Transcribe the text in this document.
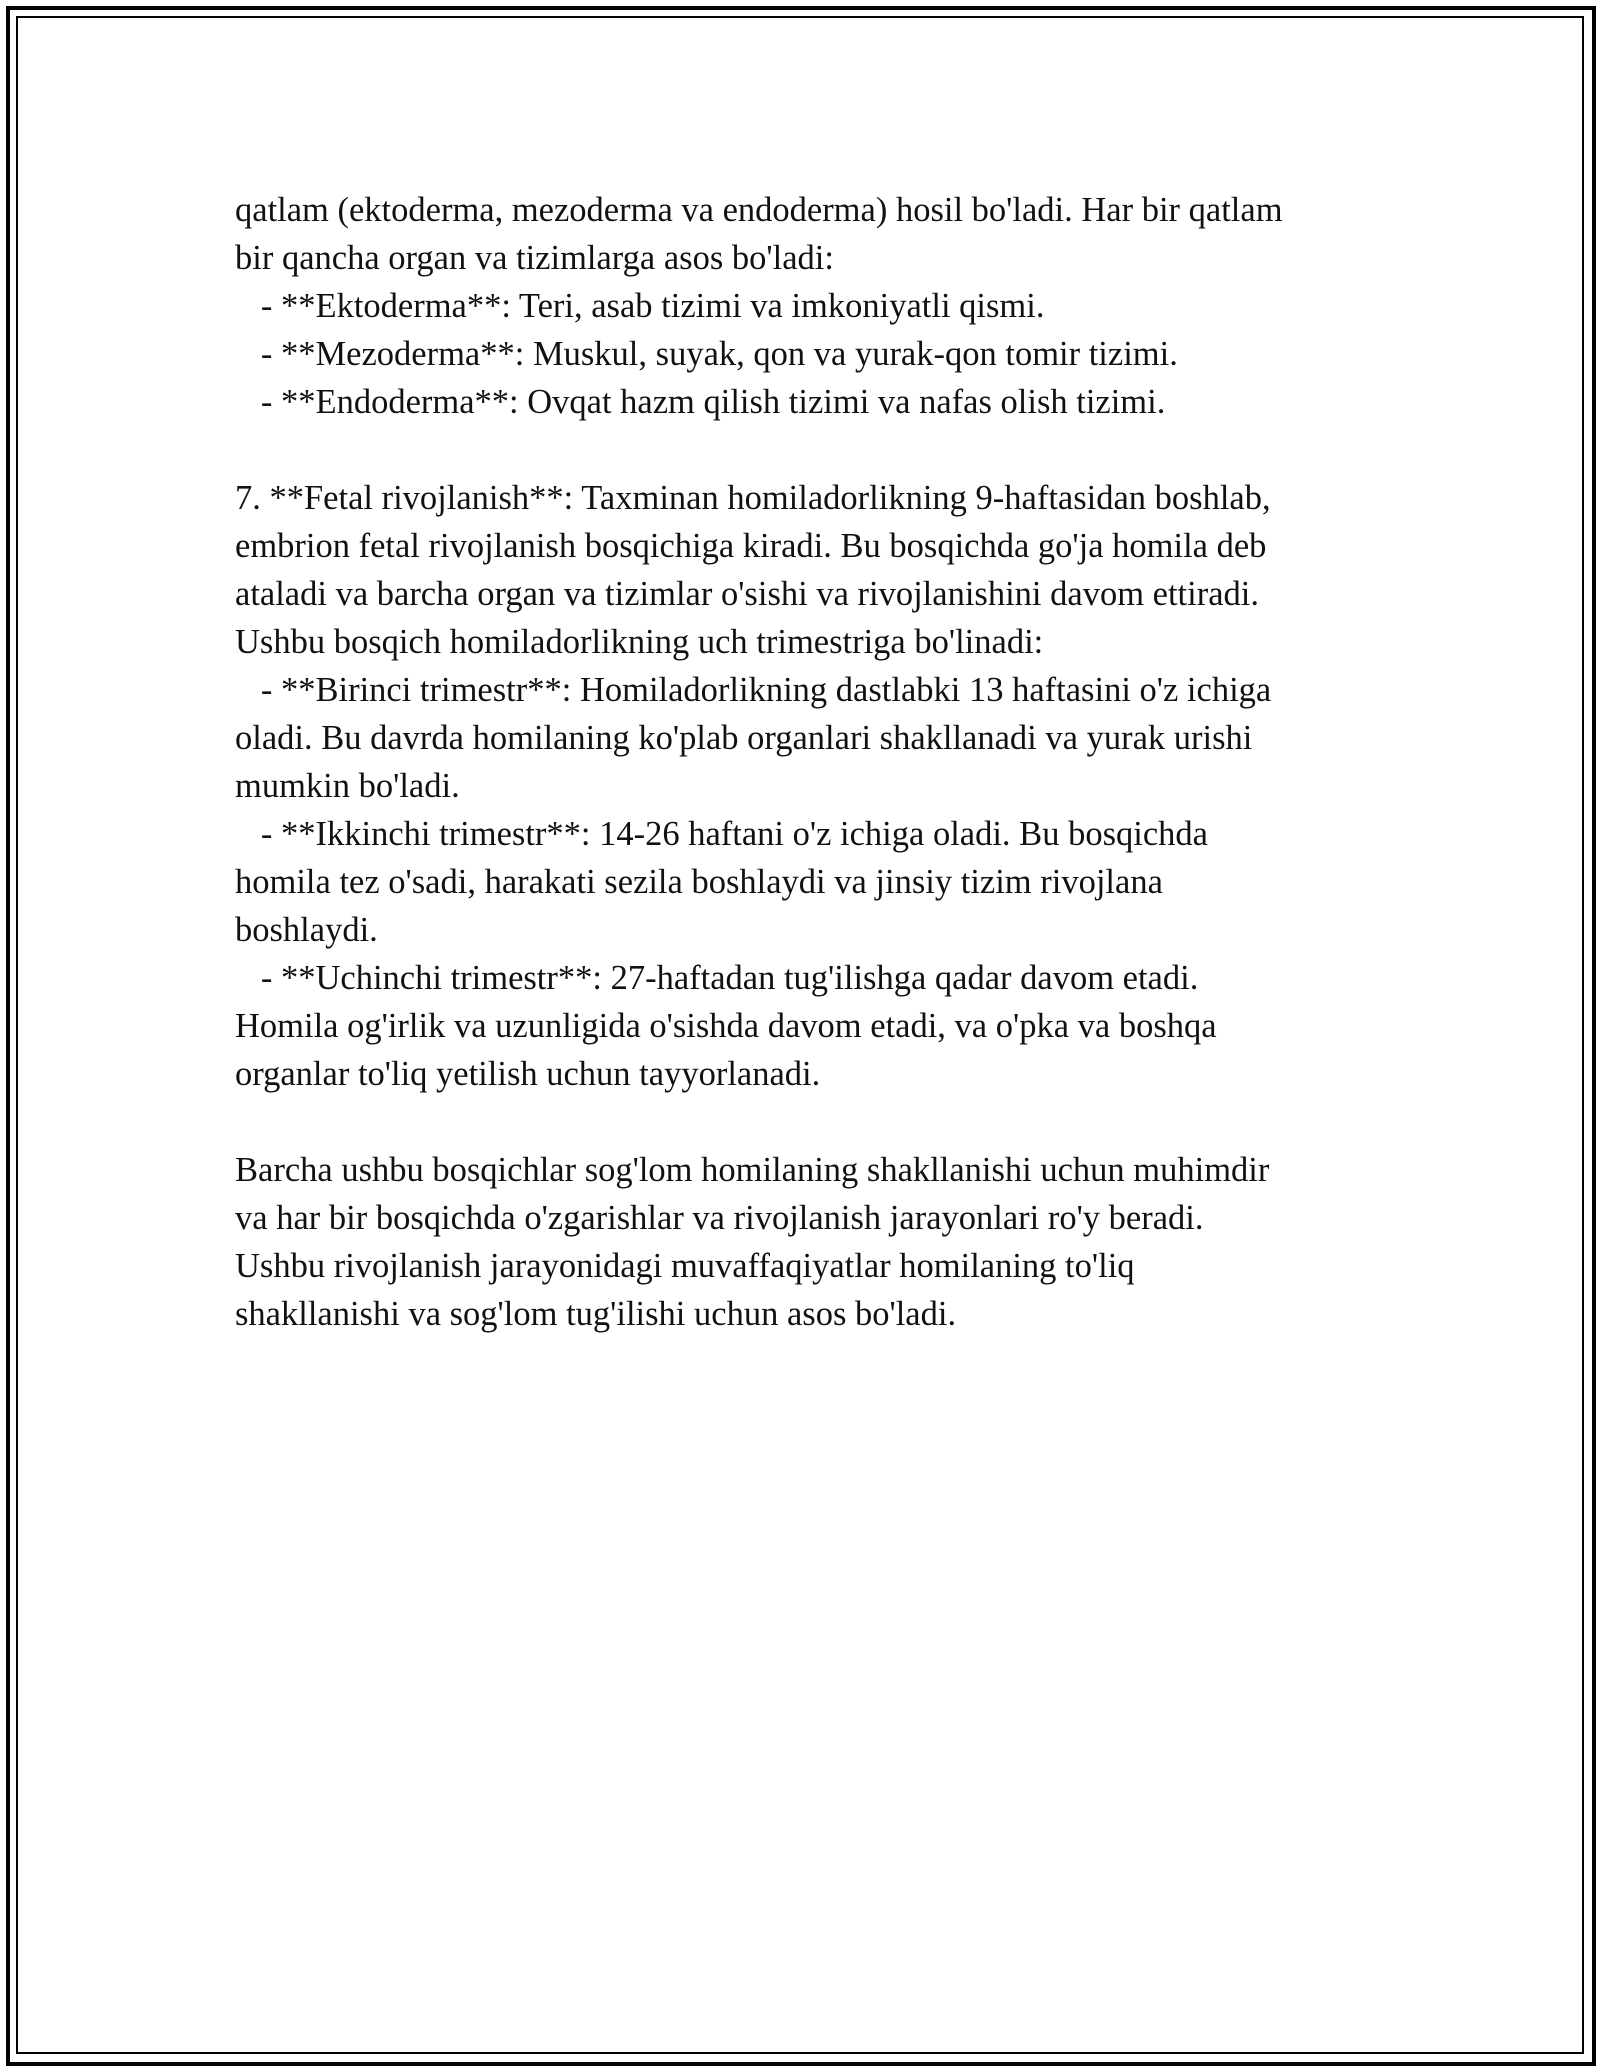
qatlam (ektoderma, mezoderma va endoderma) hosil bo'ladi. Har bir qatlam
bir qancha organ va tizimlarga asos bo'ladi:
- **Ektoderma**: Teri, asab tizimi va imkoniyatli qismi.
- **Mezoderma**: Muskul, suyak, qon va yurak-qon tomir tizimi.
- **Endoderma**: Ovqat hazm qilish tizimi va nafas olish tizimi.
7. **Fetal rivojlanish**: Taxminan homiladorlikning 9-haftasidan boshlab,
embrion fetal rivojlanish bosqichiga kiradi. Bu bosqichda go'ja homila deb
ataladi va barcha organ va tizimlar o'sishi va rivojlanishini davom ettiradi.
Ushbu bosqich homiladorlikning uch trimestriga bo'linadi:
- **Birinci trimestr**: Homiladorlikning dastlabki 13 haftasini o'z ichiga
oladi. Bu davrda homilaning ko'plab organlari shakllanadi va yurak urishi
mumkin bo'ladi.
- **Ikkinchi trimestr**: 14-26 haftani o'z ichiga oladi. Bu bosqichda
homila tez o'sadi, harakati sezila boshlaydi va jinsiy tizim rivojlana
boshlaydi.
- **Uchinchi trimestr**: 27-haftadan tug'ilishga qadar davom etadi.
Homila og'irlik va uzunligida o'sishda davom etadi, va o'pka va boshqa
organlar to'liq yetilish uchun tayyorlanadi.
Barcha ushbu bosqichlar sog'lom homilaning shakllanishi uchun muhimdir
va har bir bosqichda o'zgarishlar va rivojlanish jarayonlari ro'y beradi.
Ushbu rivojlanish jarayonidagi muvaffaqiyatlar homilaning to'liq
shakllanishi va sog'lom tug'ilishi uchun asos bo'ladi.
